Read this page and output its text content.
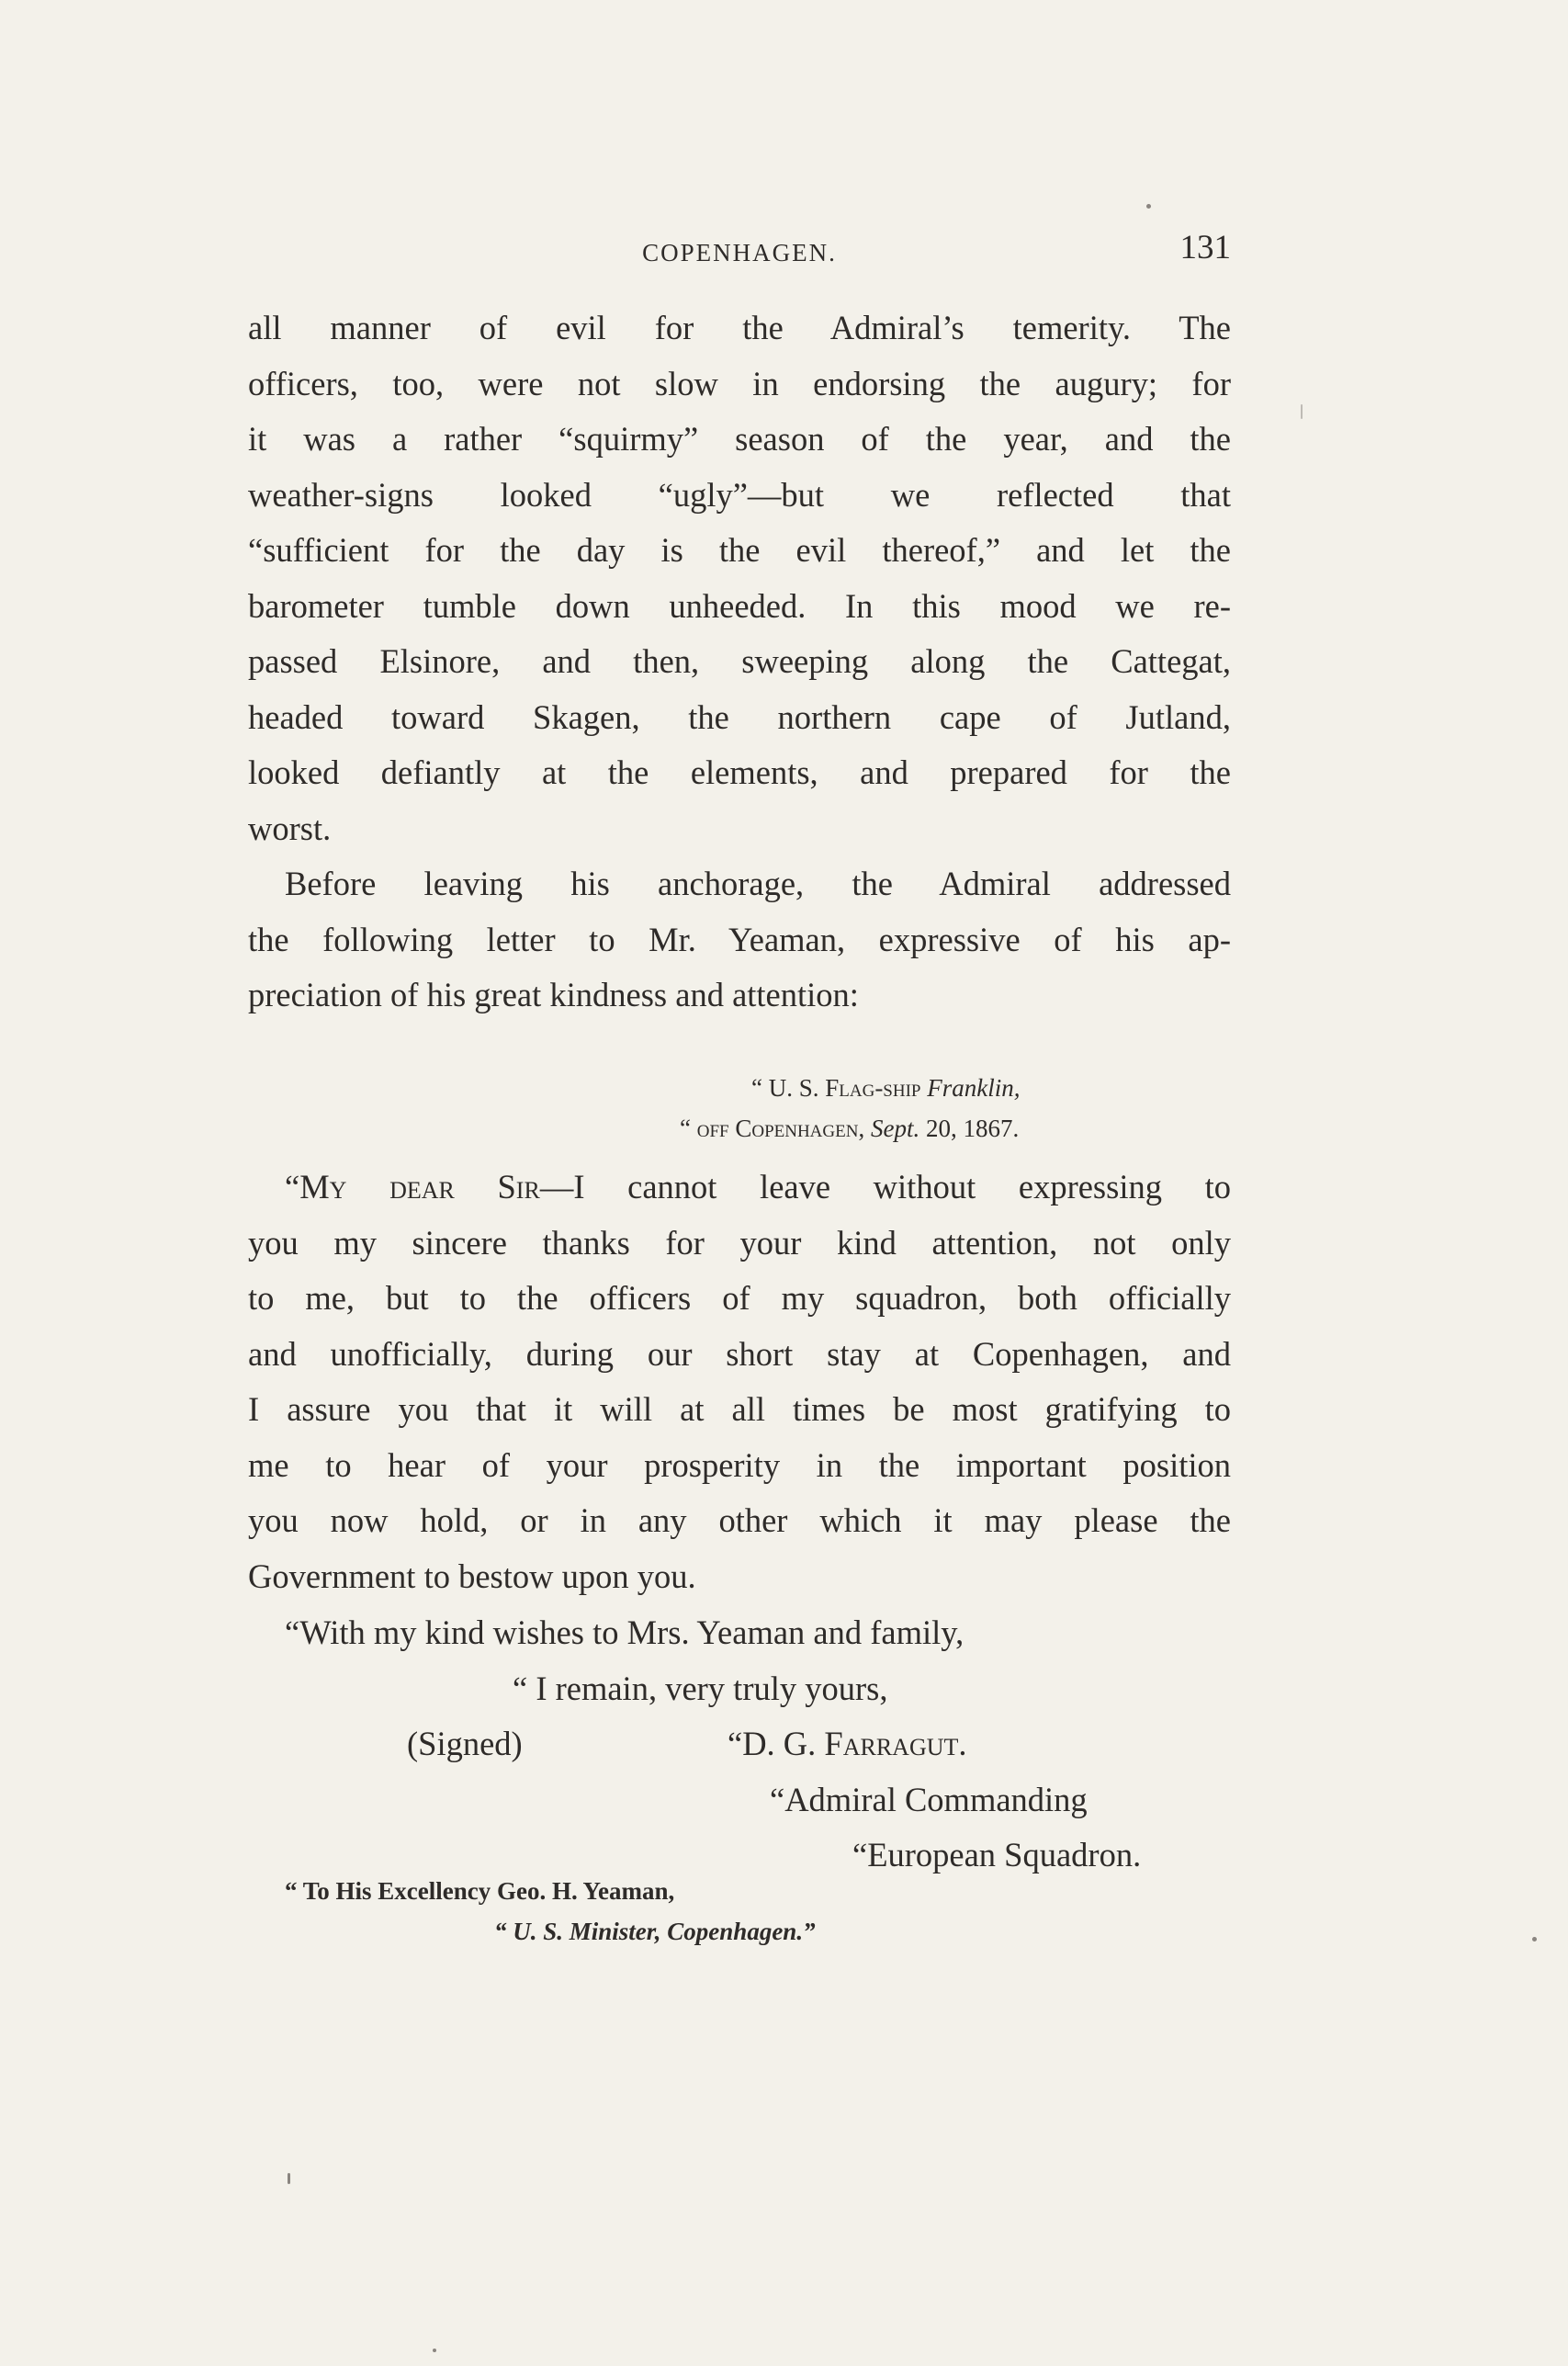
COPENHAGEN.	131
all manner of evil for the Admiral’s temerity. The
officers, too, were not slow in endorsing the augury; for
it was a rather “squirmy” season of the year, and the
weather-signs looked “ugly”—but we reflected that
“sufficient for the day is the evil thereof,” and let the
barometer tumble down unheeded. In this mood we re-
passed Elsinore, and then, sweeping along the Cattegat,
headed toward Skagen, the northern cape of Jutland,
looked defiantly at the elements, and prepared for the
worst.
Before leaving his anchorage, the Admiral addressed
the following letter to Mr. Yeaman, expressive of his ap-
preciation of his great kindness and attention:
“ U. S. Flag-ship Franklin,
“ off Copenhagen, Sept. 20, 1867.
“My dear Sir—I cannot leave without expressing to
you my sincere thanks for your kind attention, not only
to me, but to the officers of my squadron, both officially
and unofficially, during our short stay at Copenhagen, and
I assure you that it will at all times be most gratifying to
me to hear of your prosperity in the important position
you now hold, or in any other which it may please the
Government to bestow upon you.
“With my kind wishes to Mrs. Yeaman and family,
“ I remain, very truly yours,
(Signed)	“D. G. Farragut.
“Admiral Commanding
“European Squadron.
“ To His Excellency Geo. H. Yeaman,
“ U. S. Minister, Copenhagen.”
